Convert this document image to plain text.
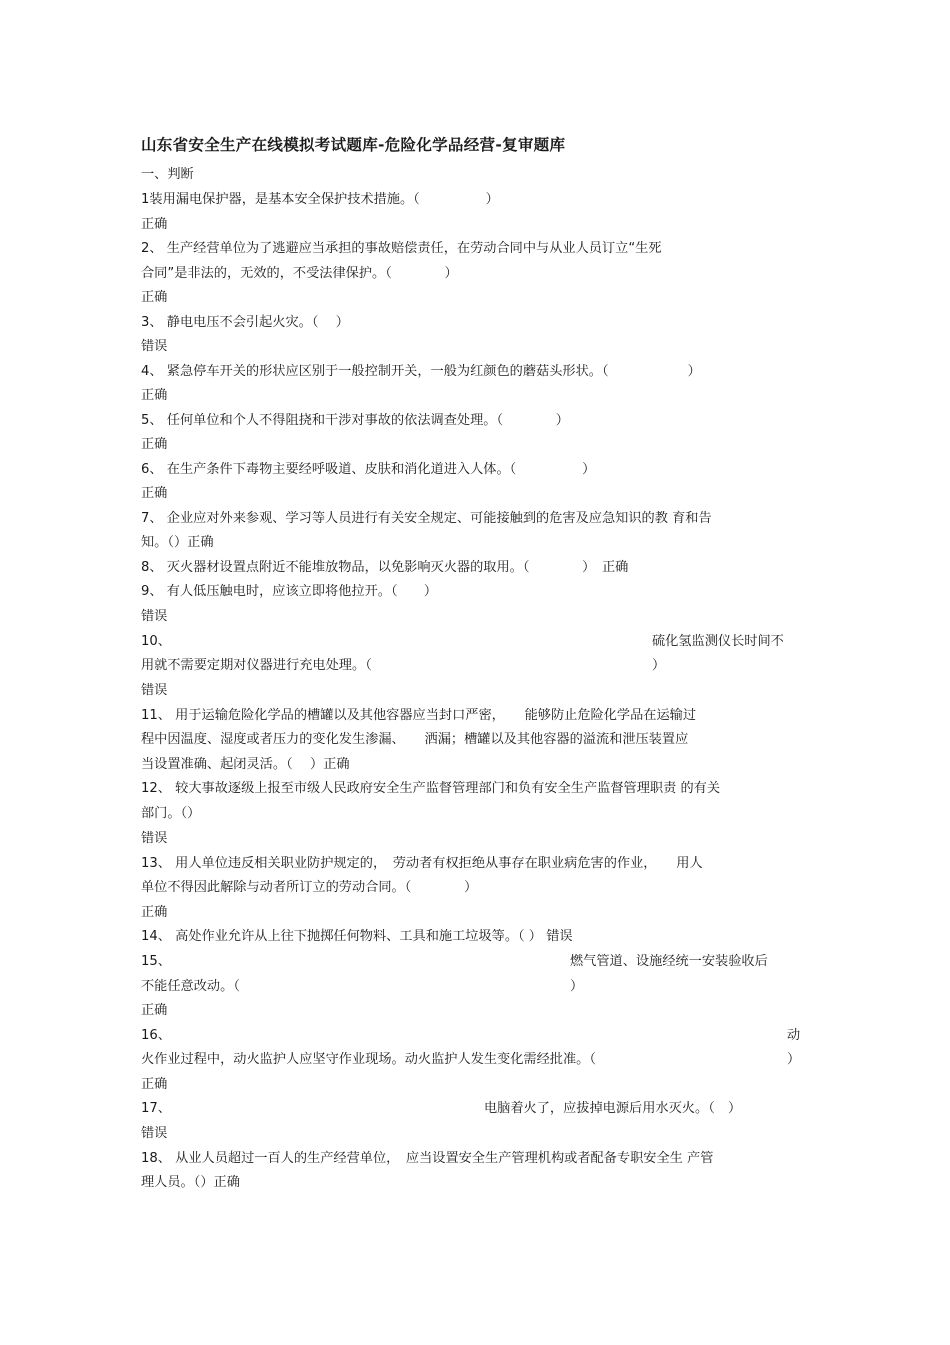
山东省安全生产在线模拟考试题库-危险化学品经营-复审题库
一、判断
1装用漏电保护器，是基本安全保护技术措施。（　　　　　）
正确
2、 生产经营单位为了逃避应当承担的事故赔偿责任，在劳动合同中与从业人员订立“生死
合同”是非法的，无效的，不受法律保护。（　　　　）
正确
3、 静电电压不会引起火灾。（　 ）
错误
4、 紧急停车开关的形状应区别于一般控制开关，一般为红颜色的蘑菇头形状。（　　　　　　）
正确
5、 任何单位和个人不得阻挠和干涉对事故的依法调查处理。（　　　　）
正确
6、 在生产条件下毒物主要经呼吸道、皮肤和消化道进入人体。（　　　　　）
正确
7、 企业应对外来参观、学习等人员进行有关安全规定、可能接触到的危害及应急知识的教 育和告
知。（）正确
8、 灭火器材设置点附近不能堆放物品，以免影响灭火器的取用。（　　　　）　正确
9、 有人低压触电时，应该立即将他拉开。（　　）
错误
10、	硫化氢监测仪长时间不
用就不需要定期对仪器进行充电处理。（	）
错误
11、 用于运输危险化学品的槽罐以及其他容器应当封口严密，　　能够防止危险化学品在运输过
程中因温度、湿度或者压力的变化发生渗漏、　　洒漏；槽罐以及其他容器的溢流和泄压装置应
当设置准确、起闭灵活。（　 ）正确
12、 较大事故逐级上报至市级人民政府安全生产监督管理部门和负有安全生产监督管理职责 的有关
部门。（）
错误
13、 用人单位违反相关职业防护规定的，　劳动者有权拒绝从事存在职业病危害的作业，　　用人
单位不得因此解除与动者所订立的劳动合同。（　　　　）
正确
14、 高处作业允许从上往下抛掷任何物料、工具和施工垃圾等。（ ） 错误
15、	燃气管道、设施经统一安装验收后
不能任意改动。（	）
正确
16、	动
火作业过程中，动火监护人应坚守作业现场。动火监护人发生变化需经批准。（	）
正确
17、	电脑着火了，应拔掉电源后用水灭火。（　）
错误
18、 从业人员超过一百人的生产经营单位，　应当设置安全生产管理机构或者配备专职安全生 产管
理人员。（）正确
